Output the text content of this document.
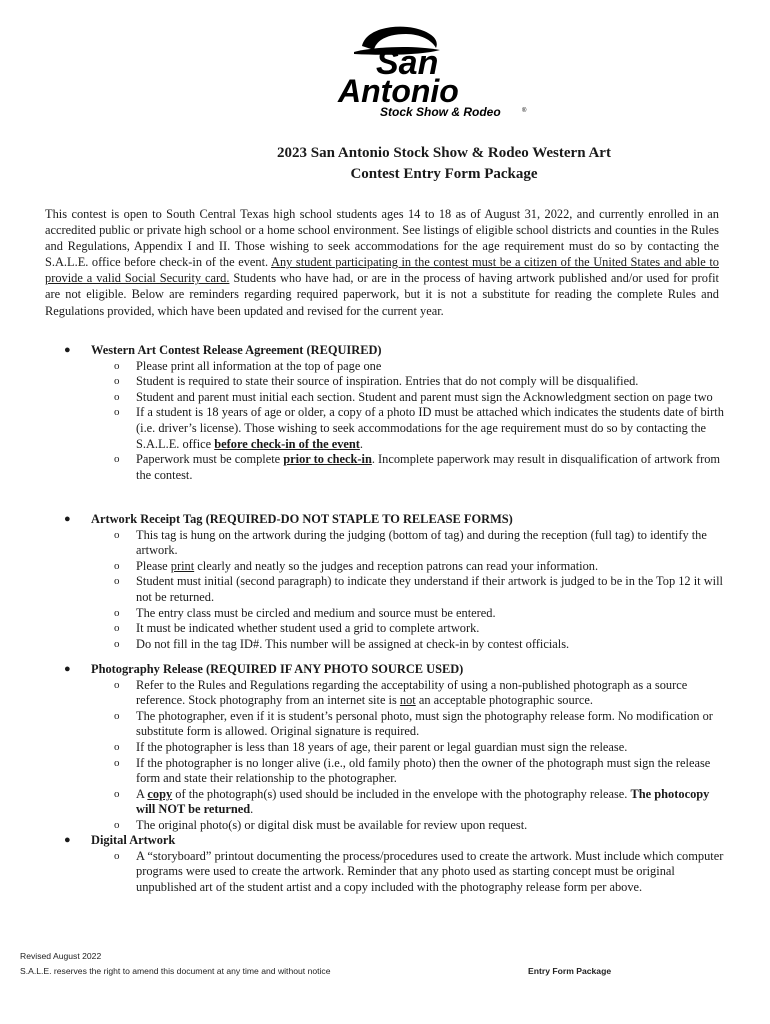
San
Antonio
Stock Show & Rodeo	®
2023 San Antonio Stock Show & Rodeo Western Art
Contest Entry Form Package

This contest is open to South Central Texas high school students ages 14 to 18 as of August 31, 2022, and currently enrolled in an accredited public or private high school or a home school environment. See listings of eligible school districts and counties in the Rules and Regulations, Appendix I and II. Those wishing to seek accommodations for the age requirement must do so by contacting the S.A.L.E. office before check-in of the event. Any student participating in the contest must be a citizen of the United States and able to provide a valid Social Security card. Students who have had, or are in the process of having artwork published and/or used for profit are not eligible. Below are reminders regarding required paperwork, but it is not a substitute for reading the complete Rules and Regulations provided, which have been updated and revised for the current year.

● Western Art Contest Release Agreement (REQUIRED)
o Please print all information at the top of page one
o Student is required to state their source of inspiration. Entries that do not comply will be disqualified.
o Student and parent must initial each section. Student and parent must sign the Acknowledgment section on page two
o If a student is 18 years of age or older, a copy of a photo ID must be attached which indicates the students date of birth (i.e. driver’s license). Those wishing to seek accommodations for the age requirement must do so by contacting the S.A.L.E. office before check-in of the event.
o Paperwork must be complete prior to check-in. Incomplete paperwork may result in disqualification of artwork from the contest.
● Artwork Receipt Tag (REQUIRED-DO NOT STAPLE TO RELEASE FORMS)
o This tag is hung on the artwork during the judging (bottom of tag) and during the reception (full tag) to identify the artwork.
o Please print clearly and neatly so the judges and reception patrons can read your information.
o Student must initial (second paragraph) to indicate they understand if their artwork is judged to be in the Top 12 it will not be returned.
o The entry class must be circled and medium and source must be entered.
o It must be indicated whether student used a grid to complete artwork.
o Do not fill in the tag ID#. This number will be assigned at check-in by contest officials.
● Photography Release (REQUIRED IF ANY PHOTO SOURCE USED)
o Refer to the Rules and Regulations regarding the acceptability of using a non-published photograph as a source reference. Stock photography from an internet site is not an acceptable photographic source.
o The photographer, even if it is student’s personal photo, must sign the photography release form. No modification or substitute form is allowed. Original signature is required.
o If the photographer is less than 18 years of age, their parent or legal guardian must sign the release.
o If the photographer is no longer alive (i.e., old family photo) then the owner of the photograph must sign the release form and state their relationship to the photographer.
o A copy of the photograph(s) used should be included in the envelope with the photography release. The photocopy will NOT be returned.
o The original photo(s) or digital disk must be available for review upon request.
● Digital Artwork
o A “storyboard” printout documenting the process/procedures used to create the artwork. Must include which computer programs were used to create the artwork. Reminder that any photo used as starting concept must be original unpublished art of the student artist and a copy included with the photography release form per above.
Revised August 2022
S.A.L.E. reserves the right to amend this document at any time and without notice	Entry Form Package
